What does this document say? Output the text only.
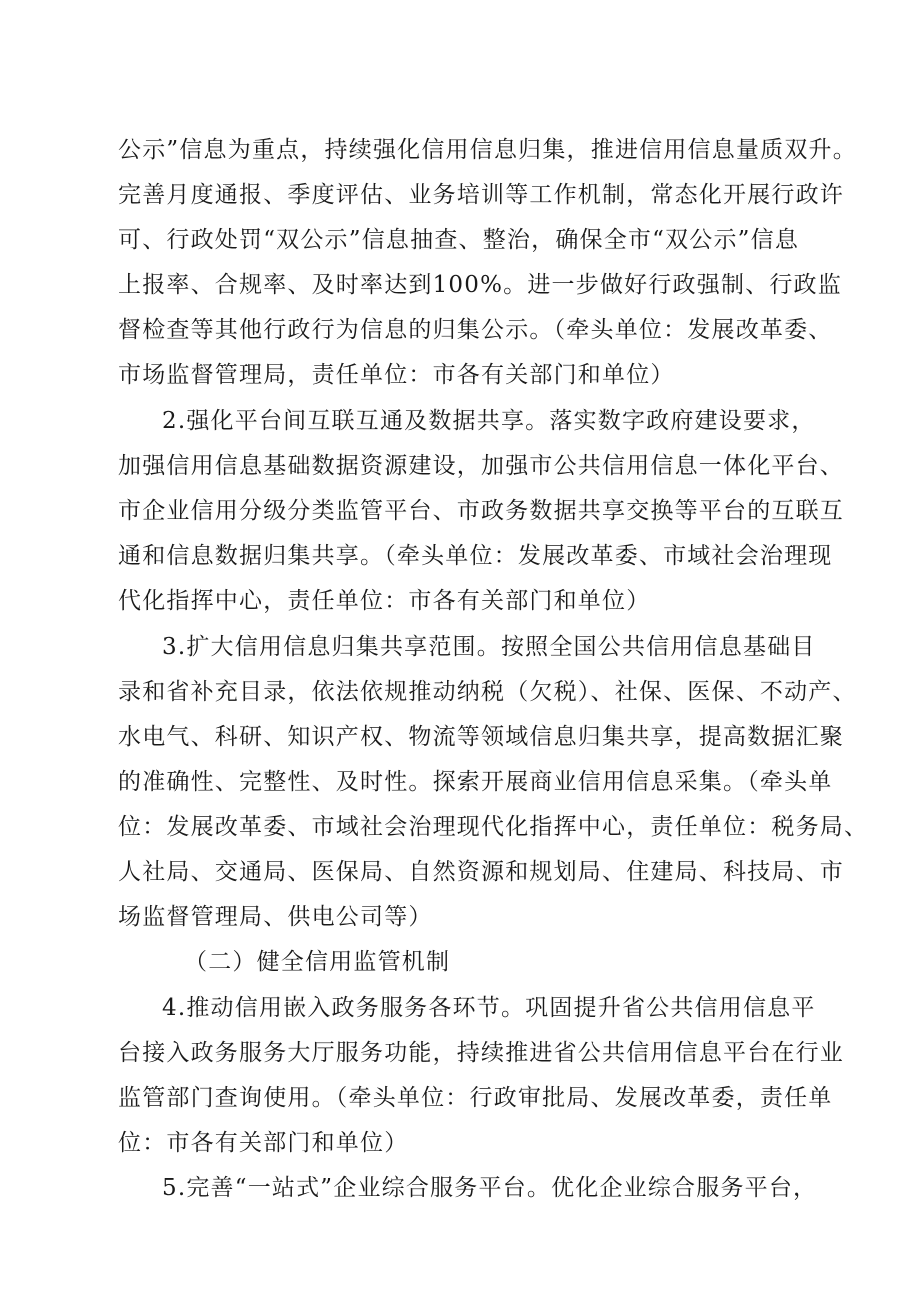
公示”信息为重点，持续强化信用信息归集，推进信用信息量质双升。
完善月度通报、季度评估、业务培训等工作机制，常态化开展行政许
可、行政处罚“双公示”信息抽查、整治，确保全市“双公示”信息
上报率、合规率、及时率达到100%。进一步做好行政强制、行政监
督检查等其他行政行为信息的归集公示。（牵头单位：发展改革委、
市场监督管理局，责任单位：市各有关部门和单位）
2.强化平台间互联互通及数据共享。落实数字政府建设要求，
加强信用信息基础数据资源建设，加强市公共信用信息一体化平台、
市企业信用分级分类监管平台、市政务数据共享交换等平台的互联互
通和信息数据归集共享。（牵头单位：发展改革委、市域社会治理现
代化指挥中心，责任单位：市各有关部门和单位）
3.扩大信用信息归集共享范围。按照全国公共信用信息基础目
录和省补充目录，依法依规推动纳税（欠税）、社保、医保、不动产、
水电气、科研、知识产权、物流等领域信息归集共享，提高数据汇聚
的准确性、完整性、及时性。探索开展商业信用信息采集。（牵头单
位：发展改革委、市域社会治理现代化指挥中心，责任单位：税务局、
人社局、交通局、医保局、自然资源和规划局、住建局、科技局、市
场监督管理局、供电公司等）
（二）健全信用监管机制
4.推动信用嵌入政务服务各环节。巩固提升省公共信用信息平
台接入政务服务大厅服务功能，持续推进省公共信用信息平台在行业
监管部门查询使用。（牵头单位：行政审批局、发展改革委，责任单
位：市各有关部门和单位）
5.完善“一站式”企业综合服务平台。优化企业综合服务平台，
